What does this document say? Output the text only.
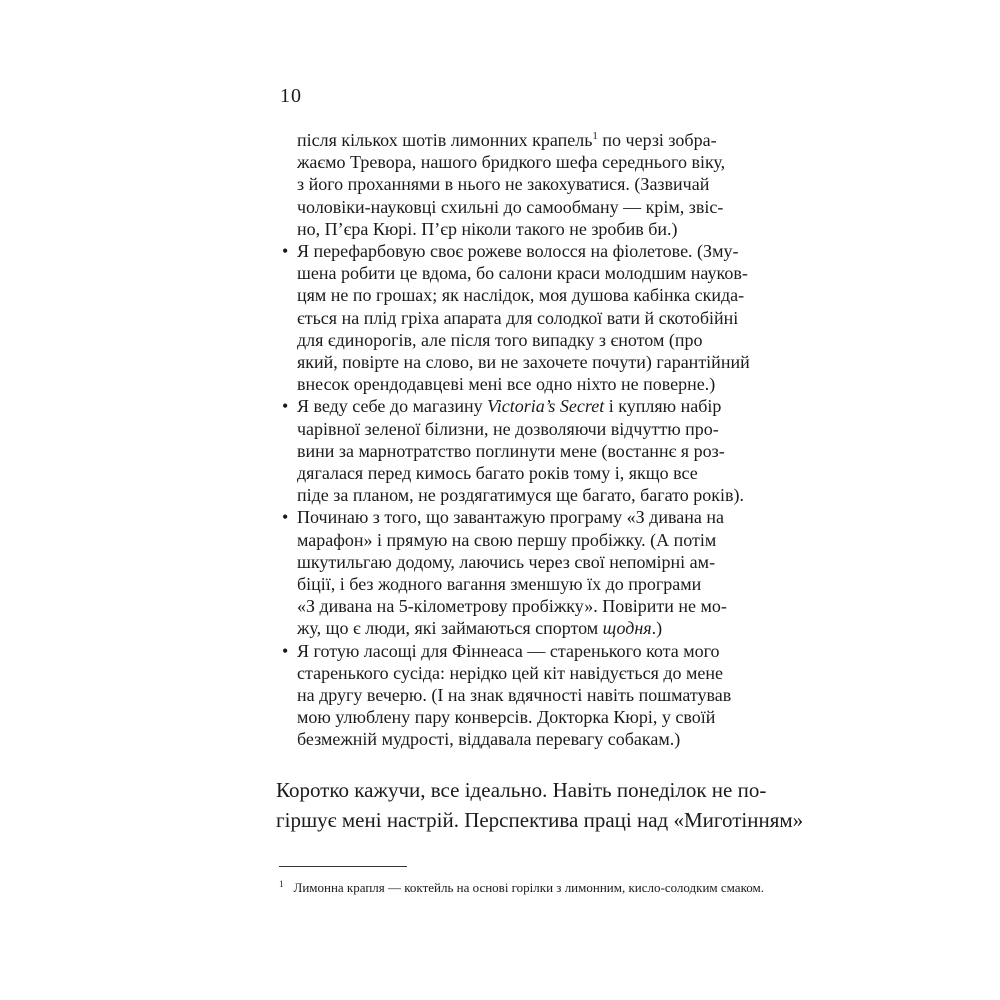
10
після кількох шотів лимонних крапель$^1$ по черзі зобра-
жаємо Тревора, нашого бридкого шефа середнього віку,
з його проханнями в нього не закохуватися. (Зазвичай
чоловіки-науковці схильні до самообману — крім, звіс-
но, П’єра Кюрі. П’єр ніколи такого не зробив би.)
• Я перефарбовую своє рожеве волосся на фіолетове. (Зму-
шена робити це вдома, бо салони краси молодшим науков-
цям не по грошах; як наслідок, моя душова кабінка скида-
ється на плід гріха апарата для солодкої вати й скотобійні
для єдинорогів, але після того випадку з єнотом (про
який, повірте на слово, ви не захочете почути) гарантійний
внесок орендодавцеві мені все одно ніхто не поверне.)
• Я веду себе до магазину Victoria’s Secret і купляю набір
чарівної зеленої білизни, не дозволяючи відчуттю про-
вини за марнотратство поглинути мене (востаннє я роз-
дягалася перед кимось багато років тому і, якщо все
піде за планом, не роздягатимуся ще багато, багато років).
• Починаю з того, що завантажую програму «З дивана на
марафон» і прямую на свою першу пробіжку. (А потім
шкутильгаю додому, лаючись через свої непомірні ам-
біції, і без жодного вагання зменшую їх до програми
«З дивана на 5-кілометрову пробіжку». Повірити не мо-
жу, що є люди, які займаються спортом щодня.)
• Я готую ласощі для Фіннеаса — старенького кота мого
старенького сусіда: нерідко цей кіт навідується до мене
на другу вечерю. (І на знак вдячності навіть пошматував
мою улюблену пару конверсів. Докторка Кюрі, у своїй
безмежній мудрості, віддавала перевагу собакам.)
$^1$ Лимонна крапля — коктейль на основі горілки з лимонним, кисло-солодким смаком.
Коротко кажучи, все ідеально. Навіть понеділок не по-
гіршує мені настрій. Перспектива праці над «Миготінням»
